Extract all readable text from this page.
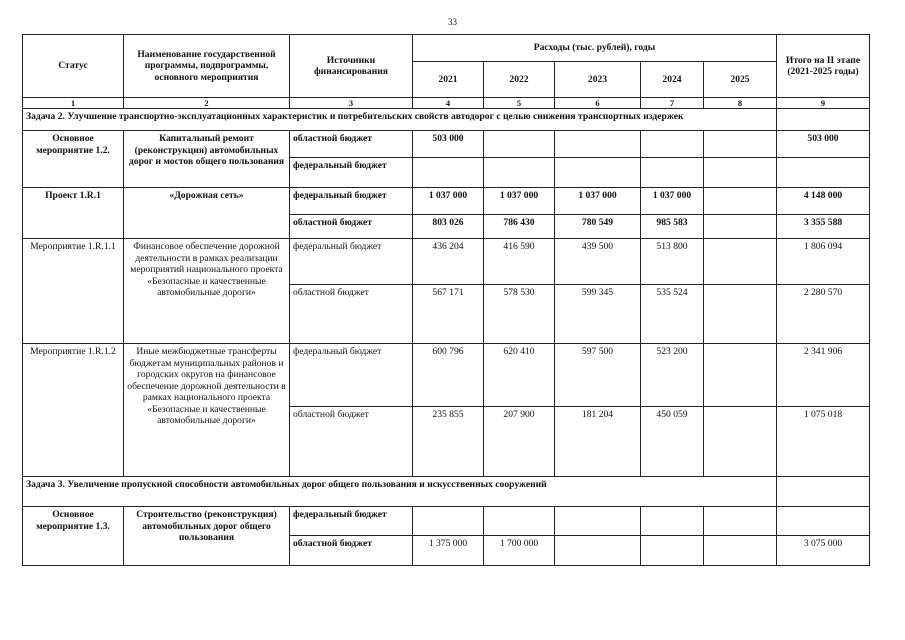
33
Статус	Наименование государственной программы, подпрограммы, основного мероприятия	Источники финансирования	Расходы (тыс. рублей), годы					Итого на II этапе (2021-2025 годы)
			2021	2022	2023	2024	2025	
1	2	3	4	5	6	7	8	9
Задача 2. Улучшение транспортно-эксплуатационных характеристик и потребительских свойств автодорог с целью снижения транспортных издержек								
Основное мероприятие 1.2.	Капитальный ремонт (реконструкция) автомобильных дорог и мостов общего пользования	областной бюджет	503 000					503 000
		федеральный бюджет						
Проект 1.R.1	«Дорожная сеть»	федеральный бюджет	1 037 000	1 037 000	1 037 000	1 037 000		4 148 000
		областной бюджет	803 026	786 430	780 549	985 583		3 355 588
Мероприятие 1.R.1.1	Финансовое обеспечение дорожной деятельности в рамках реализации мероприятий национального проекта «Безопасные и качественные автомобильные дороги»	федеральный бюджет	436 204	416 590	439 500	513 800		1 806 094
		областной бюджет	567 171	578 530	599 345	535 524		2 280 570
Мероприятие 1.R.1.2	Иные межбюджетные трансферты бюджетам муниципальных районов и городских округов на финансовое обеспечение дорожной деятельности в рамках национального проекта «Безопасные и качественные автомобильные дороги»	федеральный бюджет	600 796	620 410	597 500	523 200		2 341 906
		областной бюджет	235 855	207 900	181 204	450 059		1 075 018
Задача 3. Увеличение пропускной способности автомобильных дорог общего пользования и искусственных сооружений								
Основное мероприятие 1.3.	Строительство (реконструкция) автомобильных дорог общего пользования	федеральный бюджет						
		областной бюджет	1 375 000	1 700 000				3 075 000
